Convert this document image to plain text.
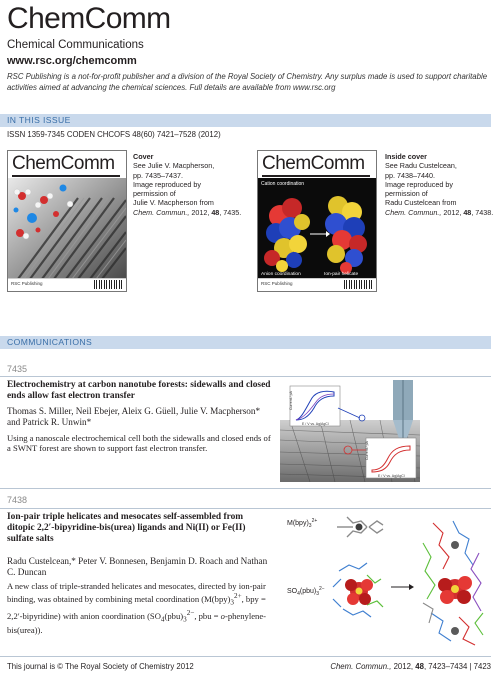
ChemComm
Chemical Communications
www.rsc.org/chemcomm
RSC Publishing is a not-for-profit publisher and a division of the Royal Society of Chemistry. Any surplus made is used to support charitable activities aimed at advancing the chemical sciences. Full details are available from www.rsc.org
IN THIS ISSUE
ISSN 1359-7345 CODEN CHCOFS 48(60) 7421–7528 (2012)
ChemComm
RSC Publishing
Cover
See Julie V. Macpherson,
pp. 7435–7437.
Image reproduced by
permission of
Julie V. Macpherson from
Chem. Commun., 2012, 48, 7435.
ChemComm
Cation coordination
Anion coordination	Ion-pair helicate
RSC Publishing
Inside cover
See Radu Custelcean,
pp. 7438–7440.
Image reproduced by
permission of
Radu Custelcean from
Chem. Commun., 2012, 48, 7438.
COMMUNICATIONS
7435
Electrochemistry at carbon nanotube forests: sidewalls and closed ends allow fast electron transfer
Thomas S. Miller, Neil Ebejer, Aleix G. Güell, Julie V. Macpherson* and Patrick R. Unwin*
Using a nanoscale electrochemical cell both the sidewalls and closed ends of a SWNT forest are shown to support fast electron transfer.
Current / pA
E / V vs. Ag|AgCl
Current / pA
E / V vs. Ag|AgCl
7438
Ion-pair triple helicates and mesocates self-assembled from ditopic 2,2′-bipyridine-bis(urea) ligands and Ni(II) or Fe(II) sulfate salts
Radu Custelcean,* Peter V. Bonnesen, Benjamin D. Roach and Nathan C. Duncan
A new class of triple-stranded helicates and mesocates, directed by ion-pair binding, was obtained by combining metal coordination ($M(bpy)_3^{2+}$, bpy = 2,2′-bipyridine) with anion coordination ($SO_4(pbu)_3^{2-}$, pbu = o-phenylene-bis(urea)).
$M(bpy)_3^{2+}$
$SO_4(pbu)_3^{2-}$
This journal is © The Royal Society of Chemistry 2012	Chem. Commun., 2012, 48, 7423–7434 | 7423
